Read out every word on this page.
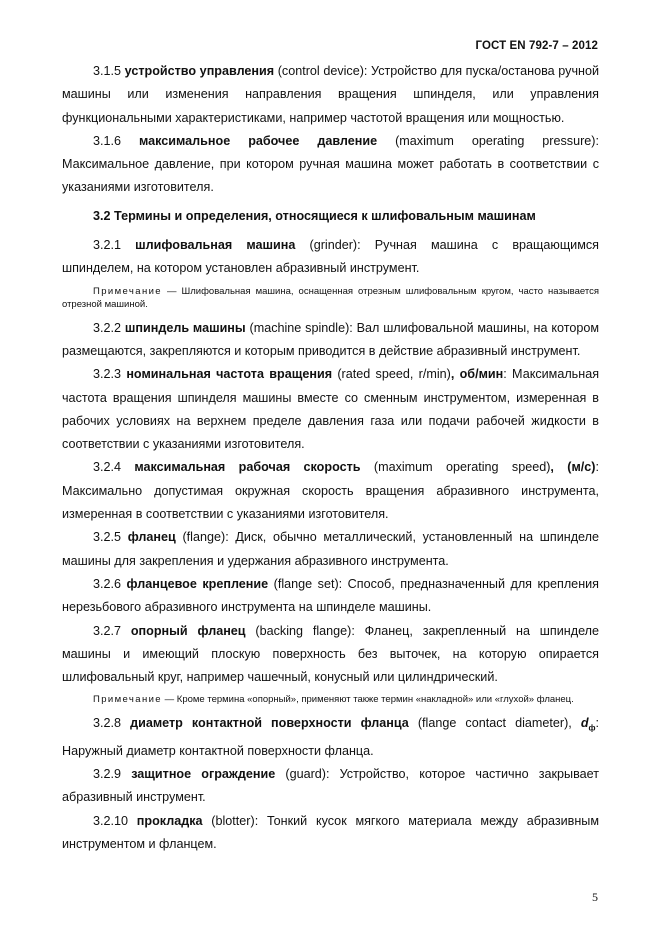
ГОСТ EN 792-7 – 2012

3.1.5 устройство управления (control device): Устройство для пуска/останова ручной машины или изменения направления вращения шпинделя, или управления функциональными характеристиками, например частотой вращения или мощностью.

3.1.6 максимальное рабочее давление (maximum operating pressure): Максимальное давление, при котором ручная машина может работать в соответствии с указаниями изготовителя.

3.2 Термины и определения, относящиеся к шлифовальным машинам

3.2.1 шлифовальная машина (grinder): Ручная машина с вращающимся шпинделем, на котором установлен абразивный инструмент.

Примечание — Шлифовальная машина, оснащенная отрезным шлифовальным кругом, часто называется отрезной машиной.

3.2.2 шпиндель машины (machine spindle): Вал шлифовальной машины, на котором размещаются, закрепляются и которым приводится в действие абразивный инструмент.

3.2.3 номинальная частота вращения (rated speed, r/min), об/мин: Максимальная частота вращения шпинделя машины вместе со сменным инструментом, измеренная в рабочих условиях на верхнем пределе давления газа или подачи рабочей жидкости в соответствии с указаниями изготовителя.

3.2.4 максимальная рабочая скорость (maximum operating speed), (м/с): Максимально допустимая окружная скорость вращения абразивного инструмента, измеренная в соответствии с указаниями изготовителя.

3.2.5 фланец (flange): Диск, обычно металлический, установленный на шпинделе машины для закрепления и удержания абразивного инструмента.

3.2.6 фланцевое крепление (flange set): Способ, предназначенный для крепления нерезьбового абразивного инструмента на шпинделе машины.

3.2.7 опорный фланец (backing flange): Фланец, закрепленный на шпинделе машины и имеющий плоскую поверхность без выточек, на которую опирается шлифовальный круг, например чашечный, конусный или цилиндрический.

Примечание — Кроме термина «опорный», применяют также термин «накладной» или «глухой» фланец.

3.2.8 диаметр контактной поверхности фланца (flange contact diameter), $d_ф$: Наружный диаметр контактной поверхности фланца.

3.2.9 защитное ограждение (guard): Устройство, которое частично закрывает абразивный инструмент.

3.2.10 прокладка (blotter): Тонкий кусок мягкого материала между абразивным инструментом и фланцем.

5
